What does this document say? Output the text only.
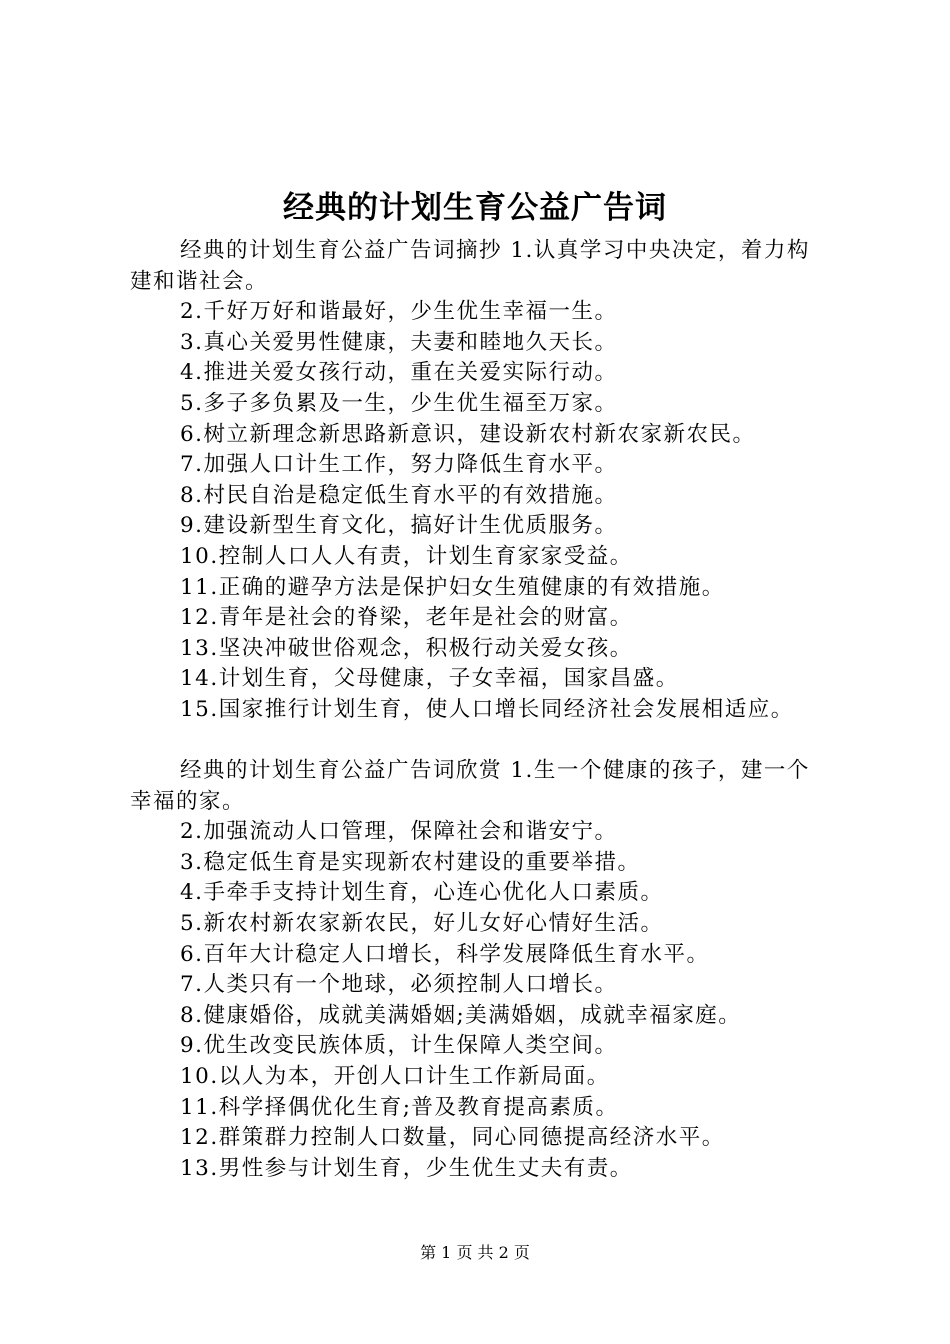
经典的计划生育公益广告词

经典的计划生育公益广告词摘抄 1.认真学习中央决定，着力构建和谐社会。

2.千好万好和谐最好，少生优生幸福一生。

3.真心关爱男性健康，夫妻和睦地久天长。

4.推进关爱女孩行动，重在关爱实际行动。

5.多子多负累及一生，少生优生福至万家。

6.树立新理念新思路新意识，建设新农村新农家新农民。

7.加强人口计生工作，努力降低生育水平。

8.村民自治是稳定低生育水平的有效措施。

9.建设新型生育文化，搞好计生优质服务。

10.控制人口人人有责，计划生育家家受益。

11.正确的避孕方法是保护妇女生殖健康的有效措施。

12.青年是社会的脊梁，老年是社会的财富。

13.坚决冲破世俗观念，积极行动关爱女孩。

14.计划生育，父母健康，子女幸福，国家昌盛。

15.国家推行计划生育，使人口增长同经济社会发展相适应。

经典的计划生育公益广告词欣赏 1.生一个健康的孩子，建一个幸福的家。

2.加强流动人口管理，保障社会和谐安宁。

3.稳定低生育是实现新农村建设的重要举措。

4.手牵手支持计划生育，心连心优化人口素质。

5.新农村新农家新农民，好儿女好心情好生活。

6.百年大计稳定人口增长，科学发展降低生育水平。

7.人类只有一个地球，必须控制人口增长。

8.健康婚俗，成就美满婚姻;美满婚姻，成就幸福家庭。

9.优生改变民族体质，计生保障人类空间。

10.以人为本，开创人口计生工作新局面。

11.科学择偶优化生育;普及教育提高素质。

12.群策群力控制人口数量，同心同德提高经济水平。

13.男性参与计划生育，少生优生丈夫有责。

第 1 页 共 2 页
